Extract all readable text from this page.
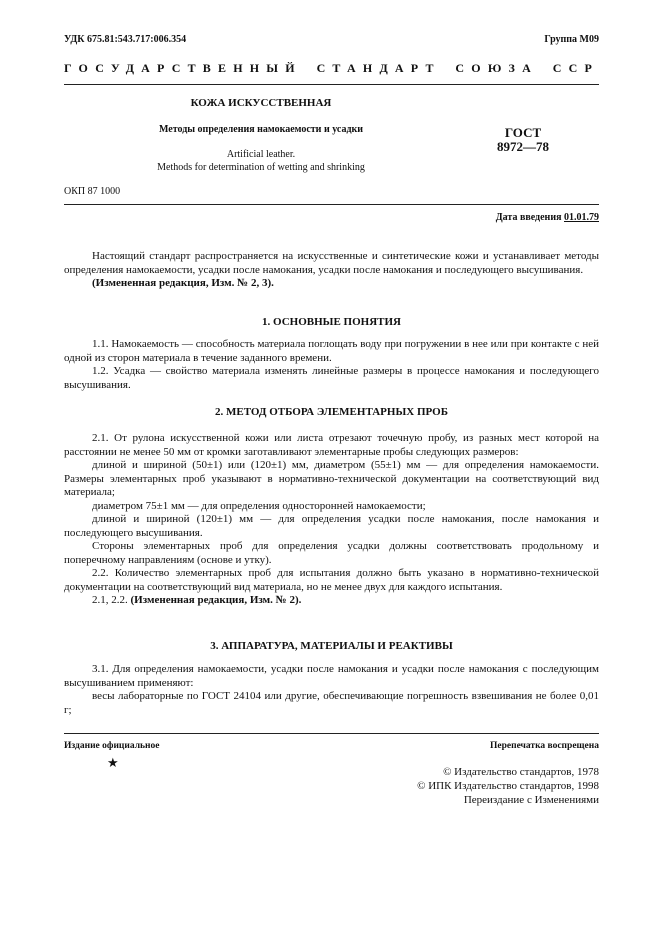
УДК 675.81:543.717:006.354	Группа М09
ГОСУДАРСТВЕННЫЙ СТАНДАРТ СОЮЗА ССР
КОЖА ИСКУССТВЕННАЯ
Методы определения намокаемости и усадки
Artificial leather.
Methods for determination of wetting and shrinking
ГОСТ
8972—78
ОКП 87 1000
Дата введения 01.01.79

Настоящий стандарт распространяется на искусственные и синтетические кожи и устанавливает методы определения намокаемости, усадки после намокания, усадки после намокания и последующего высушивания.

(Измененная редакция, Изм. № 2, 3).

1. ОСНОВНЫЕ ПОНЯТИЯ

1.1. Намокаемость — способность материала поглощать воду при погружении в нее или при контакте с ней одной из сторон материала в течение заданного времени.

1.2. Усадка — свойство материала изменять линейные размеры в процессе намокания и последующего высушивания.

2. МЕТОД ОТБОРА ЭЛЕМЕНТАРНЫХ ПРОБ

2.1. От рулона искусственной кожи или листа отрезают точечную пробу, из разных мест которой на расстоянии не менее 50 мм от кромки заготавливают элементарные пробы следующих размеров:

длиной и шириной (50±1) или (120±1) мм, диаметром (55±1) мм — для определения намокаемости. Размеры элементарных проб указывают в нормативно-технической документации на соответствующий вид материала;

диаметром 75±1 мм — для определения односторонней намокаемости;

длиной и шириной (120±1) мм — для определения усадки после намокания, после намокания и последующего высушивания.

Стороны элементарных проб для определения усадки должны соответствовать продольному и поперечному направлениям (основе и утку).

2.2. Количество элементарных проб для испытания должно быть указано в нормативно-технической документации на соответствующий вид материала, но не менее двух для каждого испытания.

2.1, 2.2. (Измененная редакция, Изм. № 2).

3. АППАРАТУРА, МАТЕРИАЛЫ И РЕАКТИВЫ

3.1. Для определения намокаемости, усадки после намокания и усадки после намокания с последующим высушиванием применяют:

весы лабораторные по ГОСТ 24104 или другие, обеспечивающие погрешность взвешивания не более 0,01 г;

Издание официальное	Перепечатка воспрещена
★
© Издательство стандартов, 1978
© ИПК Издательство стандартов, 1998
Переиздание с Изменениями
